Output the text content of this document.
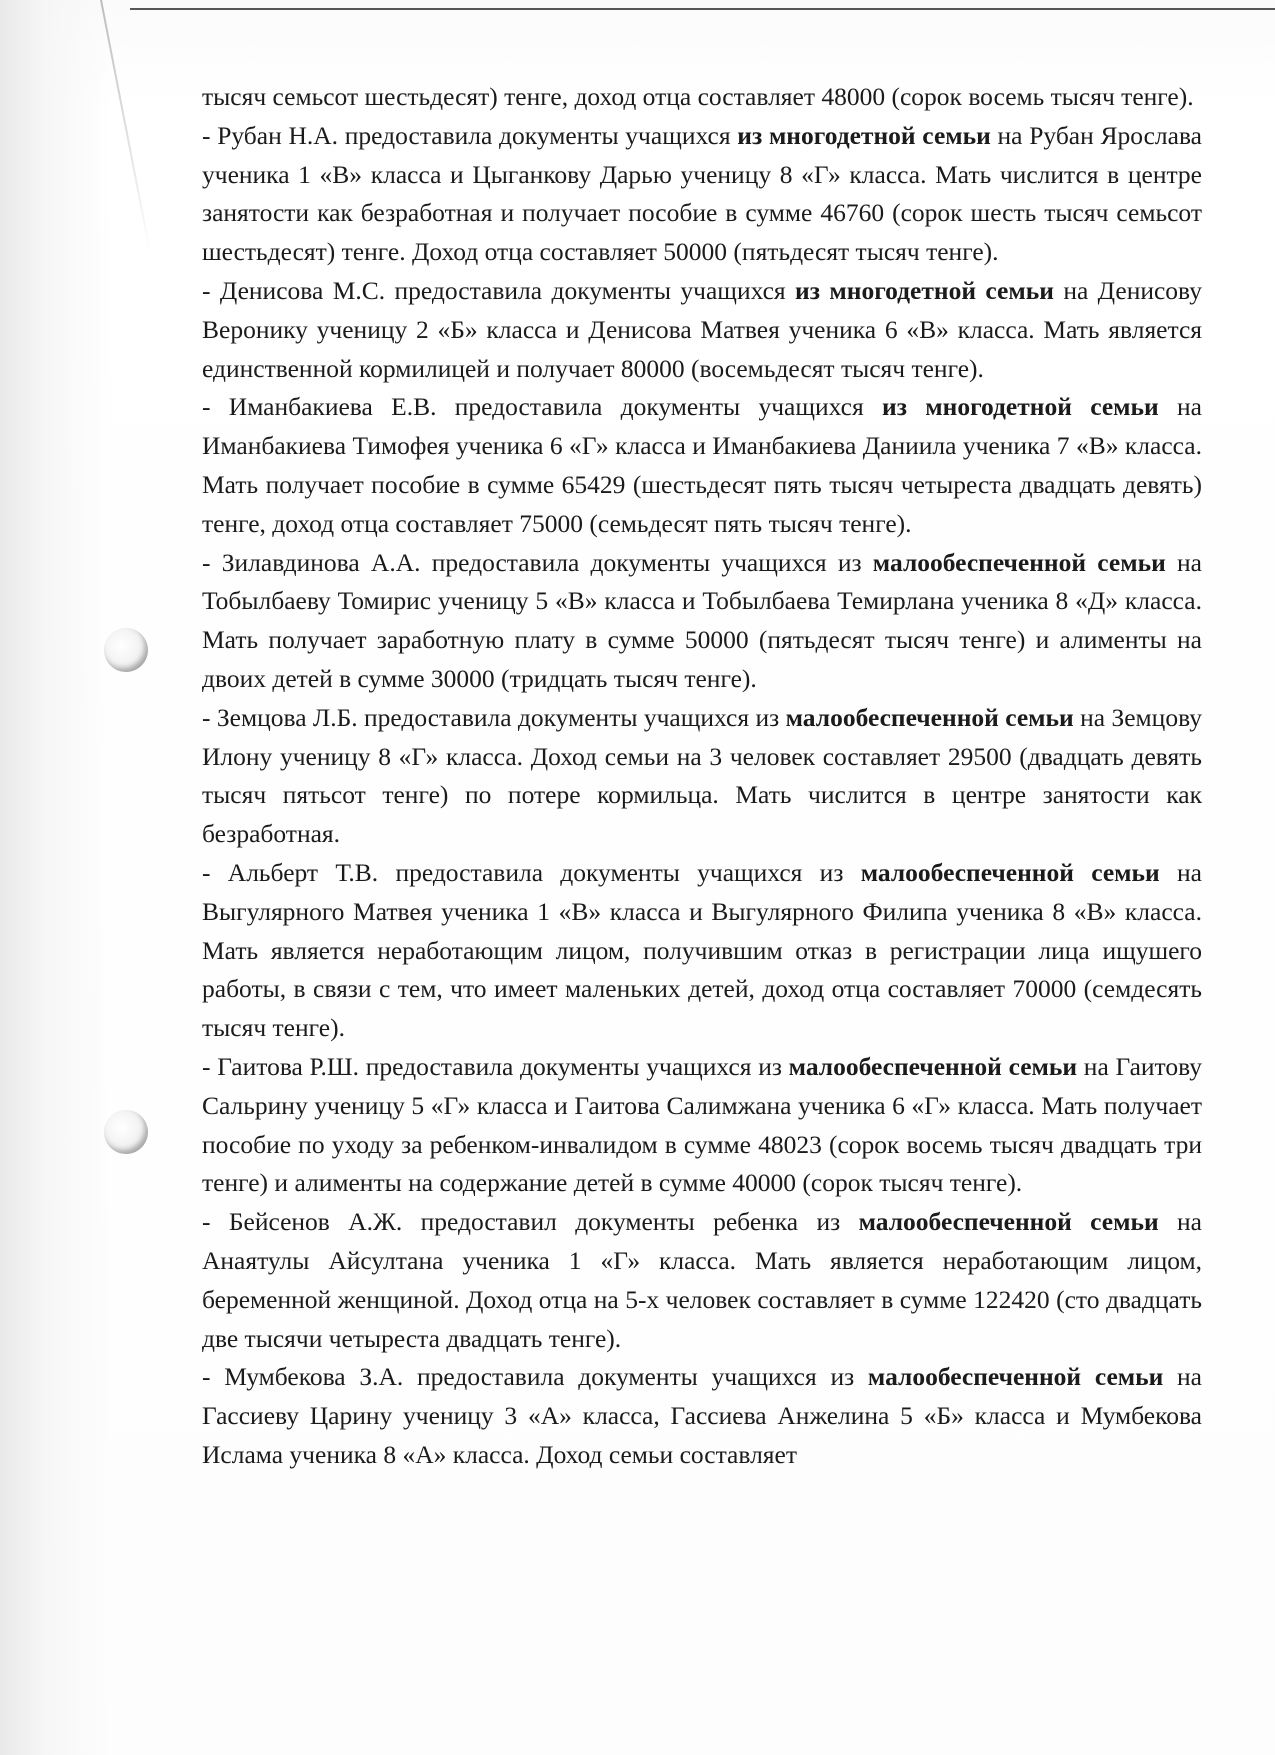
тысяч семьсот шестьдесят) тенге, доход отца составляет 48000 (сорок восемь тысяч тенге).

- Рубан Н.А. предоставила документы учащихся из многодетной семьи на Рубан Ярослава ученика 1 «В» класса и Цыганкову Дарью ученицу 8 «Г» класса. Мать числится в центре занятости как безработная и получает пособие в сумме 46760 (сорок шесть тысяч семьсот шестьдесят) тенге. Доход отца составляет 50000 (пятьдесят тысяч тенге).

- Денисова М.С. предоставила документы учащихся из многодетной семьи на Денисову Веронику ученицу 2 «Б» класса и Денисова Матвея ученика 6 «В» класса. Мать является единственной кормилицей и получает 80000 (восемьдесят тысяч тенге).

- Иманбакиева Е.В. предоставила документы учащихся из многодетной семьи на Иманбакиева Тимофея ученика 6 «Г» класса и Иманбакиева Даниила ученика 7 «В» класса. Мать получает пособие в сумме 65429 (шестьдесят пять тысяч четыреста двадцать девять) тенге, доход отца составляет 75000 (семьдесят пять тысяч тенге).

- Зилавдинова А.А. предоставила документы учащихся из малообеспеченной семьи на Тобылбаеву Томирис ученицу 5 «В» класса и Тобылбаева Темирлана ученика 8 «Д» класса. Мать получает заработную плату в сумме 50000 (пятьдесят тысяч тенге) и алименты на двоих детей в сумме 30000 (тридцать тысяч тенге).

- Земцова Л.Б. предоставила документы учащихся из малообеспеченной семьи на Земцову Илону ученицу 8 «Г» класса. Доход семьи на 3 человек составляет 29500 (двадцать девять тысяч пятьсот тенге) по потере кормильца. Мать числится в центре занятости как безработная.

- Альберт Т.В. предоставила документы учащихся из малообеспеченной семьи на Выгулярного Матвея ученика 1 «В» класса и Выгулярного Филипа ученика 8 «В» класса. Мать является неработающим лицом, получившим отказ в регистрации лица ищушего работы, в связи с тем, что имеет маленьких детей, доход отца составляет 70000 (семдесять тысяч тенге).

- Гаитова Р.Ш. предоставила документы учащихся из малообеспеченной семьи на Гаитову Сальрину ученицу 5 «Г» класса и Гаитова Салимжана ученика 6 «Г» класса. Мать получает пособие по уходу за ребенком-инвалидом в сумме 48023 (сорок восемь тысяч двадцать три тенге) и алименты на содержание детей в сумме 40000 (сорок тысяч тенге).

- Бейсенов А.Ж. предоставил документы ребенка из малообеспеченной семьи на Анаятулы Айсултана ученика 1 «Г» класса. Мать является неработающим лицом, беременной женщиной. Доход отца на 5-х человек составляет в сумме 122420 (сто двадцать две тысячи четыреста двадцать тенге).

- Мумбекова З.А. предоставила документы учащихся из малообеспеченной семьи на Гассиеву Царину ученицу 3 «А» класса, Гассиева Анжелина 5 «Б» класса и Мумбекова Ислама ученика 8 «А» класса. Доход семьи составляет
